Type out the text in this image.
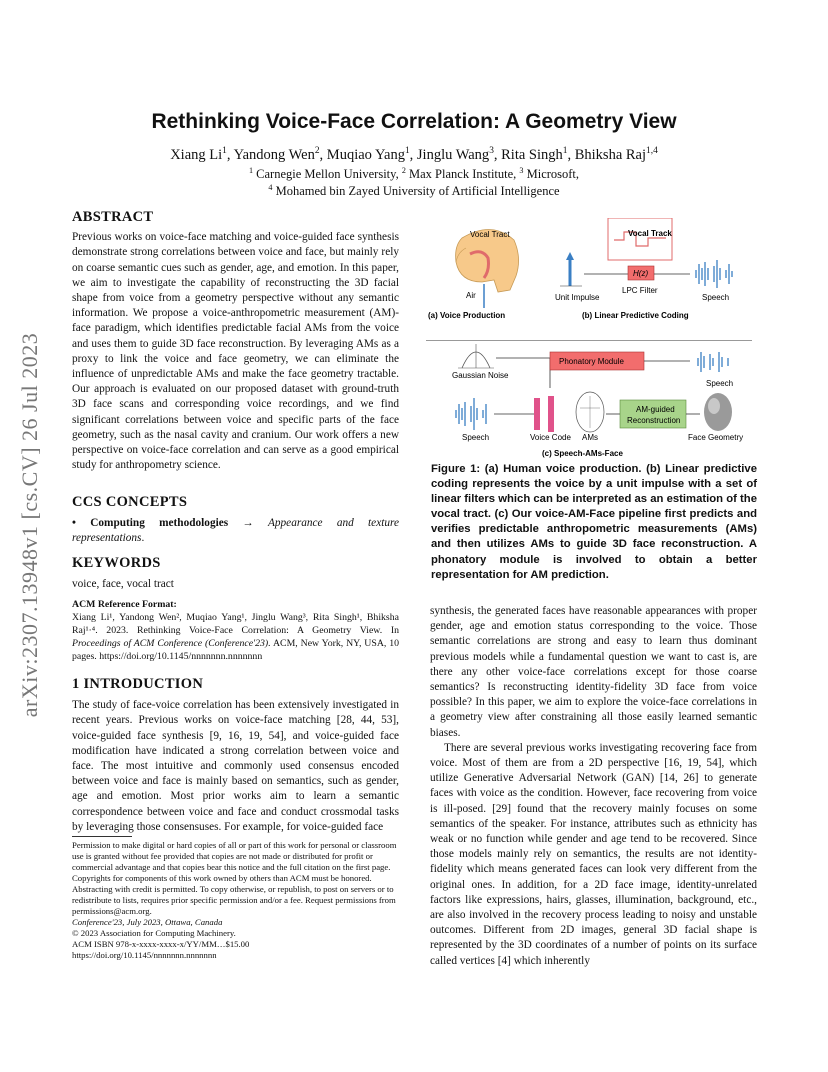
arXiv:2307.13948v1 [cs.CV] 26 Jul 2023
Rethinking Voice-Face Correlation: A Geometry View
Xiang Li$^1$, Yandong Wen$^2$, Muqiao Yang$^1$, Jinglu Wang$^3$, Rita Singh$^1$, Bhiksha Raj$^{1,4}$
$^1$ Carnegie Mellon University, $^2$ Max Planck Institute, $^3$ Microsoft,
$^4$ Mohamed bin Zayed University of Artificial Intelligence
ABSTRACT

Previous works on voice-face matching and voice-guided face synthesis demonstrate strong correlations between voice and face, but mainly rely on coarse semantic cues such as gender, age, and emotion. In this paper, we aim to investigate the capability of reconstructing the 3D facial shape from voice from a geometry perspective without any semantic information. We propose a voice-anthropometric measurement (AM)-face paradigm, which identifies predictable facial AMs from the voice and uses them to guide 3D face reconstruction. By leveraging AMs as a proxy to link the voice and face geometry, we can eliminate the influence of unpredictable AMs and make the face geometry tractable. Our approach is evaluated on our proposed dataset with ground-truth 3D face scans and corresponding voice recordings, and we find significant correlations between voice and specific parts of the face geometry, such as the nasal cavity and cranium. Our work offers a new perspective on voice-face correlation and can serve as a good empirical study for anthropometry science.

CCS CONCEPTS

• Computing methodologies → Appearance and texture representations.

KEYWORDS

voice, face, vocal tract

ACM Reference Format:

Xiang Li¹, Yandong Wen², Muqiao Yang¹, Jinglu Wang³, Rita Singh¹, Bhiksha Raj¹·⁴. 2023. Rethinking Voice-Face Correlation: A Geometry View. In Proceedings of ACM Conference (Conference'23). ACM, New York, NY, USA, 10 pages. https://doi.org/10.1145/nnnnnnn.nnnnnnn

1 INTRODUCTION

The study of face-voice correlation has been extensively investigated in recent years. Previous works on voice-face matching [28, 44, 53], voice-guided face synthesis [9, 16, 19, 54], and voice-guided face modification have indicated a strong correlation between voice and face. The most intuitive and commonly used consensus encoded between voice and face is mainly based on semantics, such as gender, age and emotion. Most prior works aim to learn a semantic correspondence between voice and face and conduct crossmodal tasks by leveraging those consensuses. For example, for voice-guided face

Permission to make digital or hard copies of all or part of this work for personal or classroom use is granted without fee provided that copies are not made or distributed for profit or commercial advantage and that copies bear this notice and the full citation on the first page. Copyrights for components of this work owned by others than ACM must be honored. Abstracting with credit is permitted. To copy otherwise, or republish, to post on servers or to redistribute to lists, requires prior specific permission and/or a fee. Request permissions from permissions@acm.org.

Conference'23, July 2023, Ottawa, Canada

© 2023 Association for Computing Machinery.

ACM ISBN 978-x-xxxx-xxxx-x/YY/MM…$15.00

https://doi.org/10.1145/nnnnnnn.nnnnnnn

Vocal Tract
Air	Unit Impulse
Vocal Track
H(z)
LPC Filter
Speech
(a) Voice Production	(b) Linear Predictive Coding
Gaussian Noise
Phonatory Module
Speech
Speech	Voice Code AMs
AM-guided
Reconstruction
Face Geometry
(c) Speech-AMs-Face
Figure 1: (a) Human voice production. (b) Linear predictive coding represents the voice by a unit impulse with a set of linear filters which can be interpreted as an estimation of the vocal tract. (c) Our voice-AM-Face pipeline first predicts and verifies predictable anthropometric measurements (AMs) and then utilizes AMs to guide 3D face reconstruction. A phonatory module is involved to obtain a better representation for AM prediction.

synthesis, the generated faces have reasonable appearances with proper gender, age and emotion status corresponding to the voice. Those semantic correlations are strong and easy to learn thus dominant previous models while a fundamental question we want to cast is, are there any other voice-face correlations except for those coarse semantics? Is reconstructing identity-fidelity 3D face from voice possible? In this paper, we aim to explore the voice-face correlations in a geometry view after constraining all those easily learned semantic biases.

There are several previous works investigating recovering face from voice. Most of them are from a 2D perspective [16, 19, 54], which utilize Generative Adversarial Network (GAN) [14, 26] to generate faces with voice as the condition. However, face recovering from voice is ill-posed. [29] found that the recovery mainly focuses on some semantics of the speaker. For instance, attributes such as ethnicity has weak or no function while gender and age tend to be recovered. Since those models mainly rely on semantics, the results are not identity-fidelity which means generated faces can look very different from the original ones. In addition, for a 2D face image, identity-unrelated factors like expressions, hairs, glasses, illumination, background, etc., are also involved in the recovery process leading to noisy and unstable outcomes. Different from 2D images, general 3D facial shape is represented by the 3D coordinates of a number of points on its surface called vertices [4] which inherently
